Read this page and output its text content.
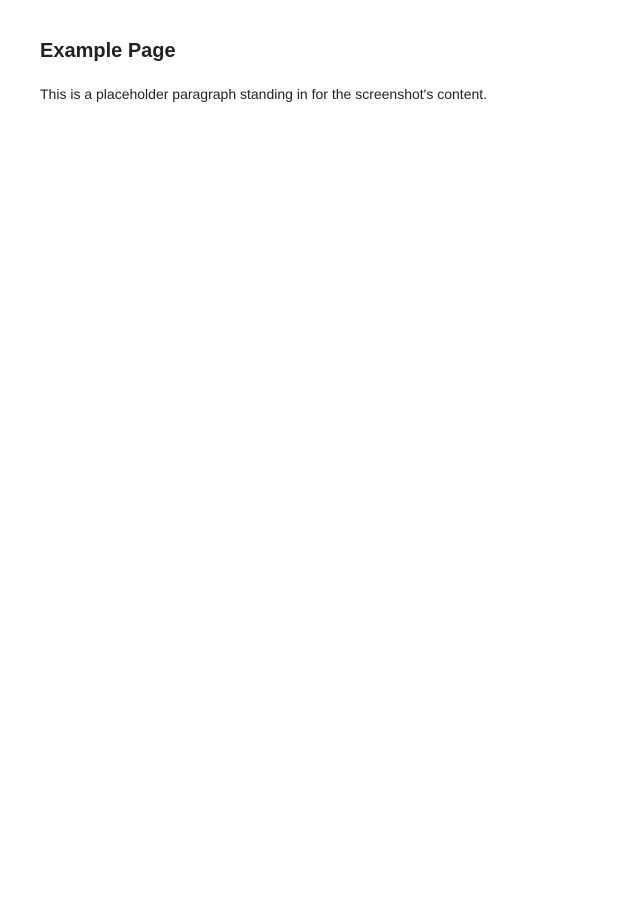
Example Page

This is a placeholder paragraph standing in for the screenshot's content.
